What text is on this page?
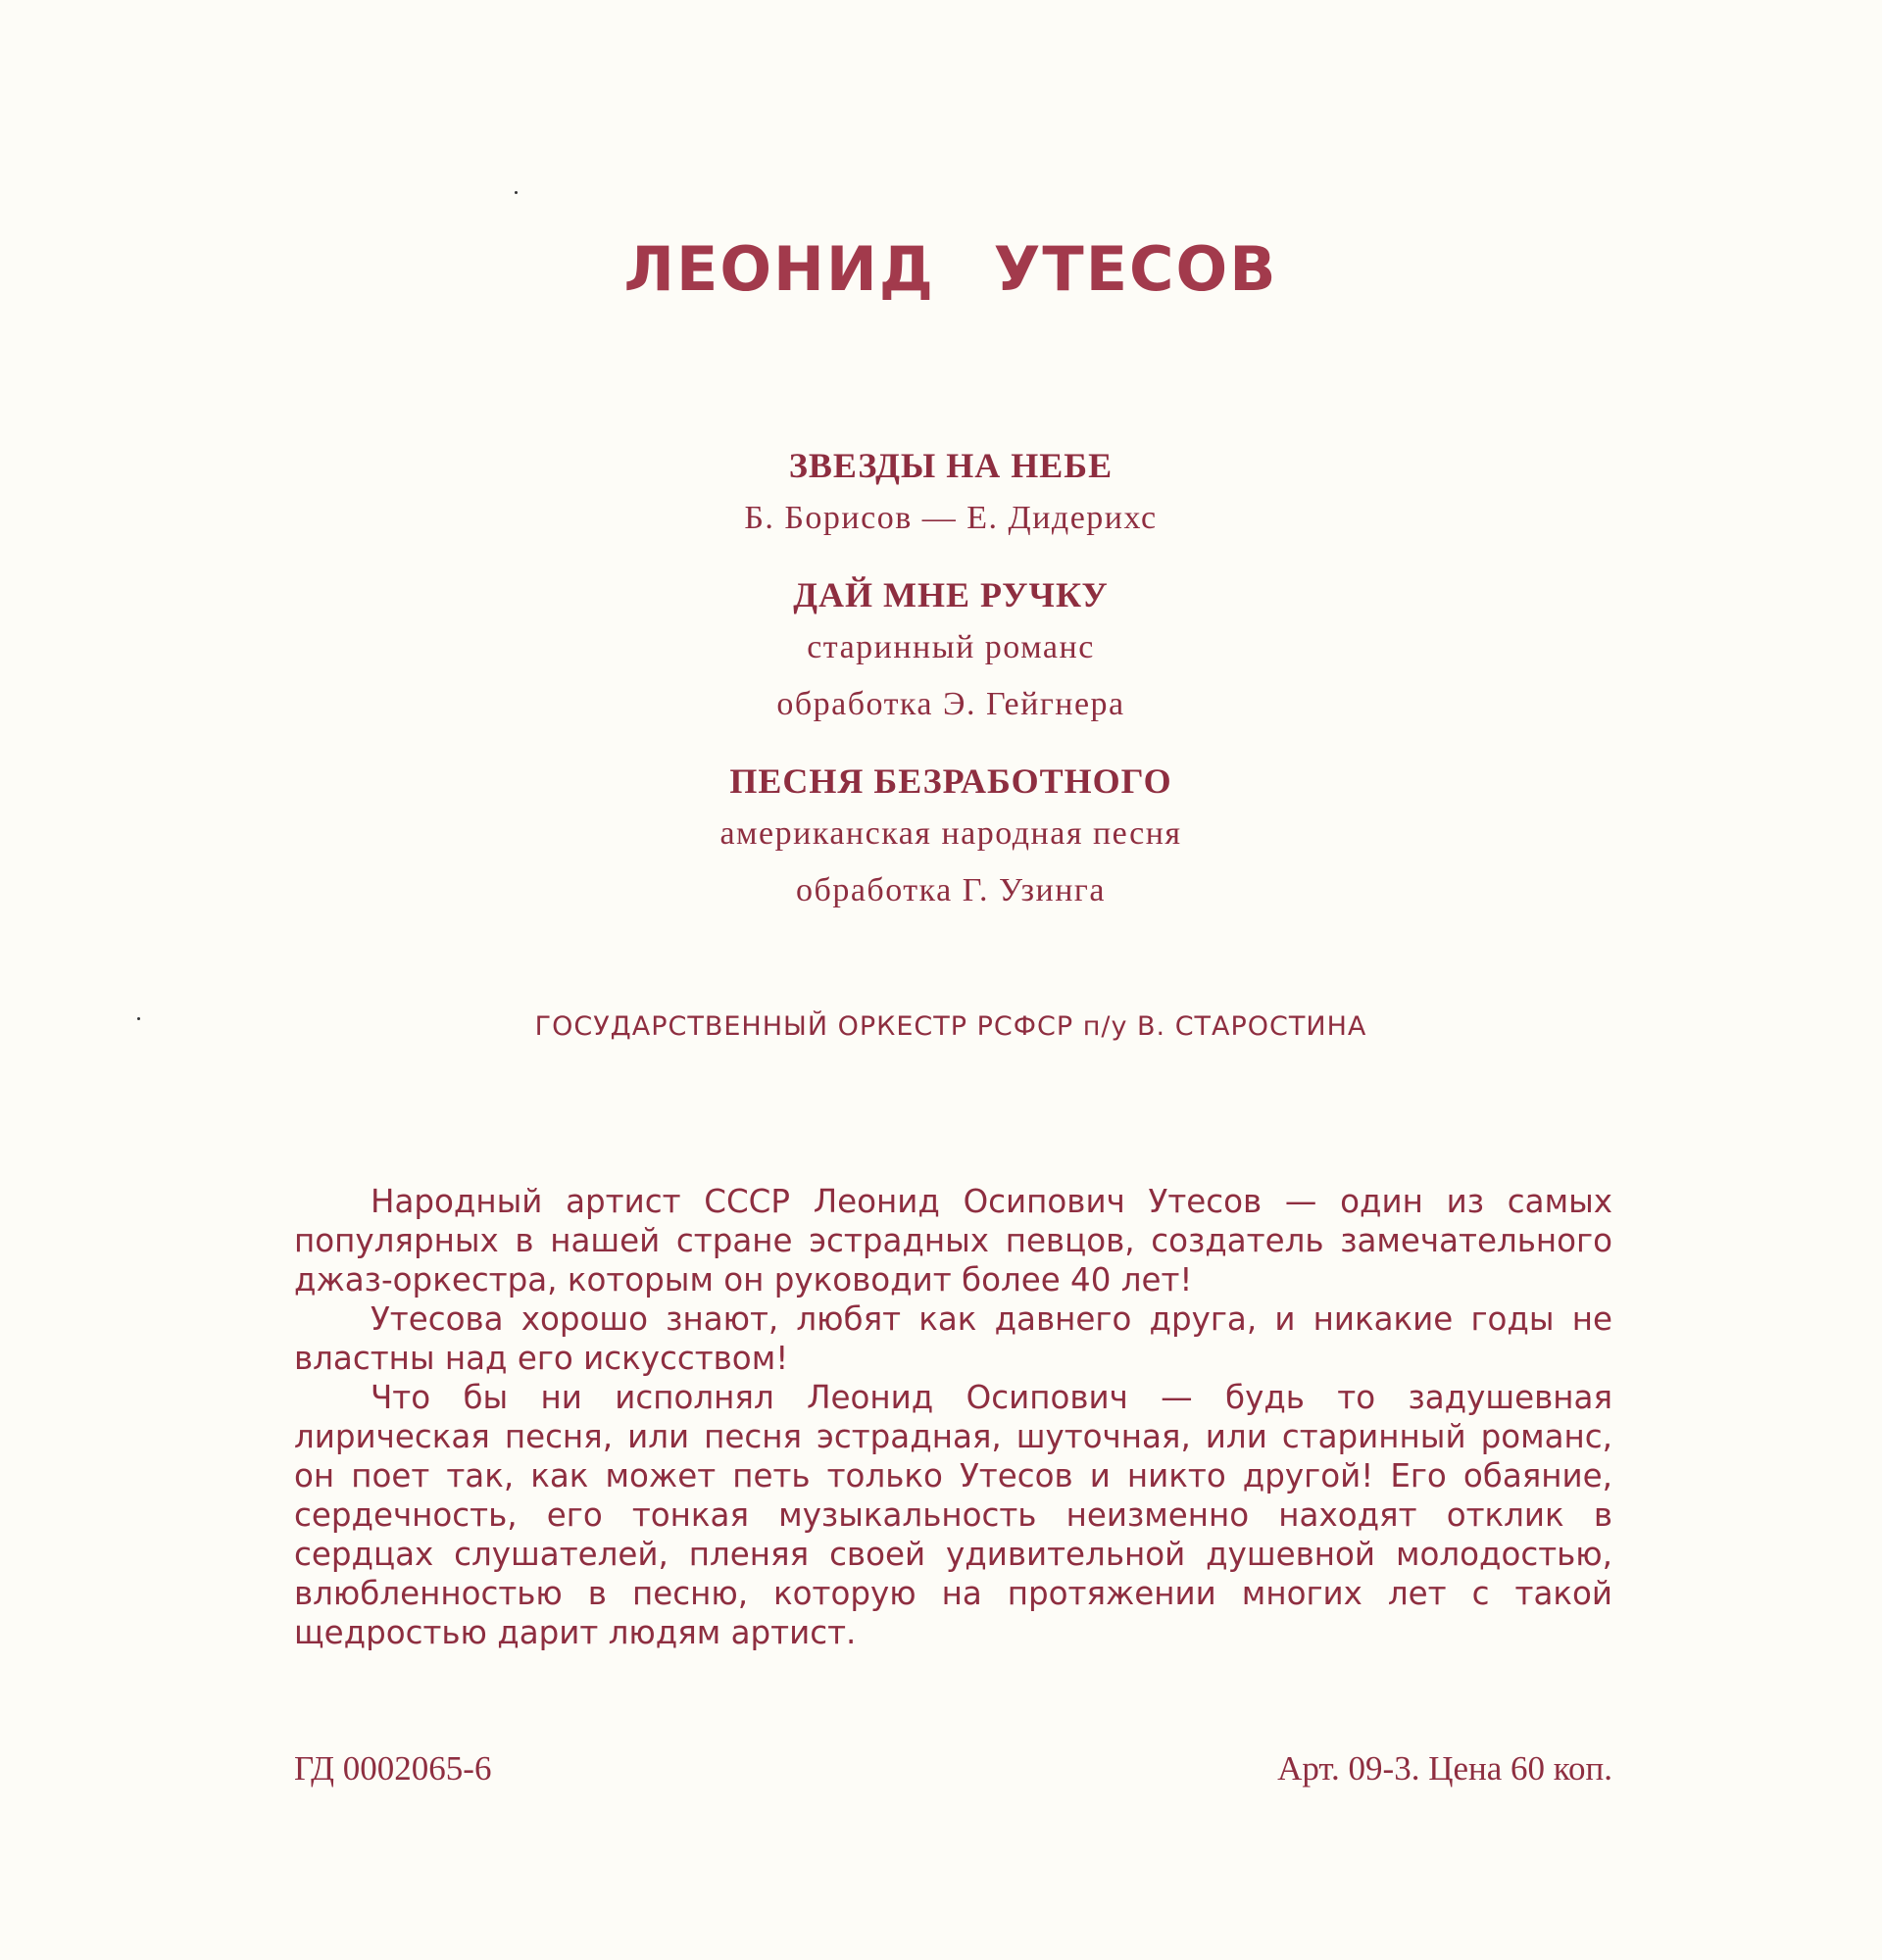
ЛЕОНИД УТЕСОВ
ЗВЕЗДЫ НА НЕБЕ
Б. Борисов — Е. Дидерихс
ДАЙ МНЕ РУЧКУ
старинный романс
обработка Э. Гейгнера
ПЕСНЯ БЕЗРАБОТНОГО
американская народная песня
обработка Г. Узинга
ГОСУДАРСТВЕННЫЙ ОРКЕСТР РСФСР п/у В. СТАРОСТИНА

Народный артист СССР Леонид Осипович Утесов — один из самых популярных в нашей стране эстрадных певцов, создатель замечательного джаз-оркестра, которым он руководит более 40 лет!

Утесова хорошо знают, любят как давнего друга, и никакие годы не властны над его искусством!

Что бы ни исполнял Леонид Осипович — будь то задушевная лирическая песня, или песня эстрадная, шуточная, или старинный романс, он поет так, как может петь только Утесов и никто другой! Его обаяние, сердечность, его тонкая музыкальность неизменно находят отклик в сердцах слушателей, пленяя своей удивительной душевной молодостью, влюбленностью в песню, которую на протяжении многих лет с такой щедростью дарит людям артист.

ГД 0002065-6	Арт. 09-3. Цена 60 коп.
